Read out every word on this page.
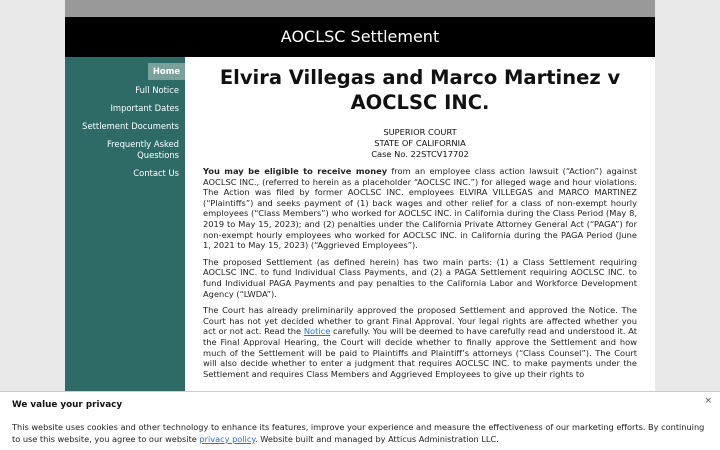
AOCLSC Settlement
Home
Full Notice
Important Dates
Settlement Documents
Frequently Asked Questions
Contact Us
Elvira Villegas and Marco Martinez v AOCLSC INC.
SUPERIOR COURT
STATE OF CALIFORNIA
Case No. 22STCV17702

You may be eligible to receive money from an employee class action lawsuit (“Action”) against AOCLSC INC., (referred to herein as a placeholder “AOCLSC INC.”) for alleged wage and hour violations. The Action was filed by former AOCLSC INC. employees ELVIRA VILLEGAS and MARCO MARTINEZ (“Plaintiffs”) and seeks payment of (1) back wages and other relief for a class of non-exempt hourly employees (“Class Members”) who worked for AOCLSC INC. in California during the Class Period (May 8, 2019 to May 15, 2023); and (2) penalties under the California Private Attorney General Act (“PAGA”) for non-exempt hourly employees who worked for AOCLSC INC. in California during the PAGA Period (June 1, 2021 to May 15, 2023) (“Aggrieved Employees”).

The proposed Settlement (as defined herein) has two main parts: (1) a Class Settlement requiring AOCLSC INC. to fund Individual Class Payments, and (2) a PAGA Settlement requiring AOCLSC INC. to fund Individual PAGA Payments and pay penalties to the California Labor and Workforce Development Agency (“LWDA”).

The Court has already preliminarily approved the proposed Settlement and approved the Notice. The Court has not yet decided whether to grant Final Approval. Your legal rights are affected whether you act or not act. Read the Notice carefully. You will be deemed to have carefully read and understood it. At the Final Approval Hearing, the Court will decide whether to finally approve the Settlement and how much of the Settlement will be paid to Plaintiffs and Plaintiff’s attorneys (“Class Counsel”). The Court will also decide whether to enter a judgment that requires AOCLSC INC. to make payments under the Settlement and requires Class Members and Aggrieved Employees to give up their rights to

×
We value your privacy

This website uses cookies and other technology to enhance its features, improve your experience and measure the effectiveness of our marketing efforts. By continuing to use this website, you agree to our website privacy policy. Website built and managed by Atticus Administration LLC.
